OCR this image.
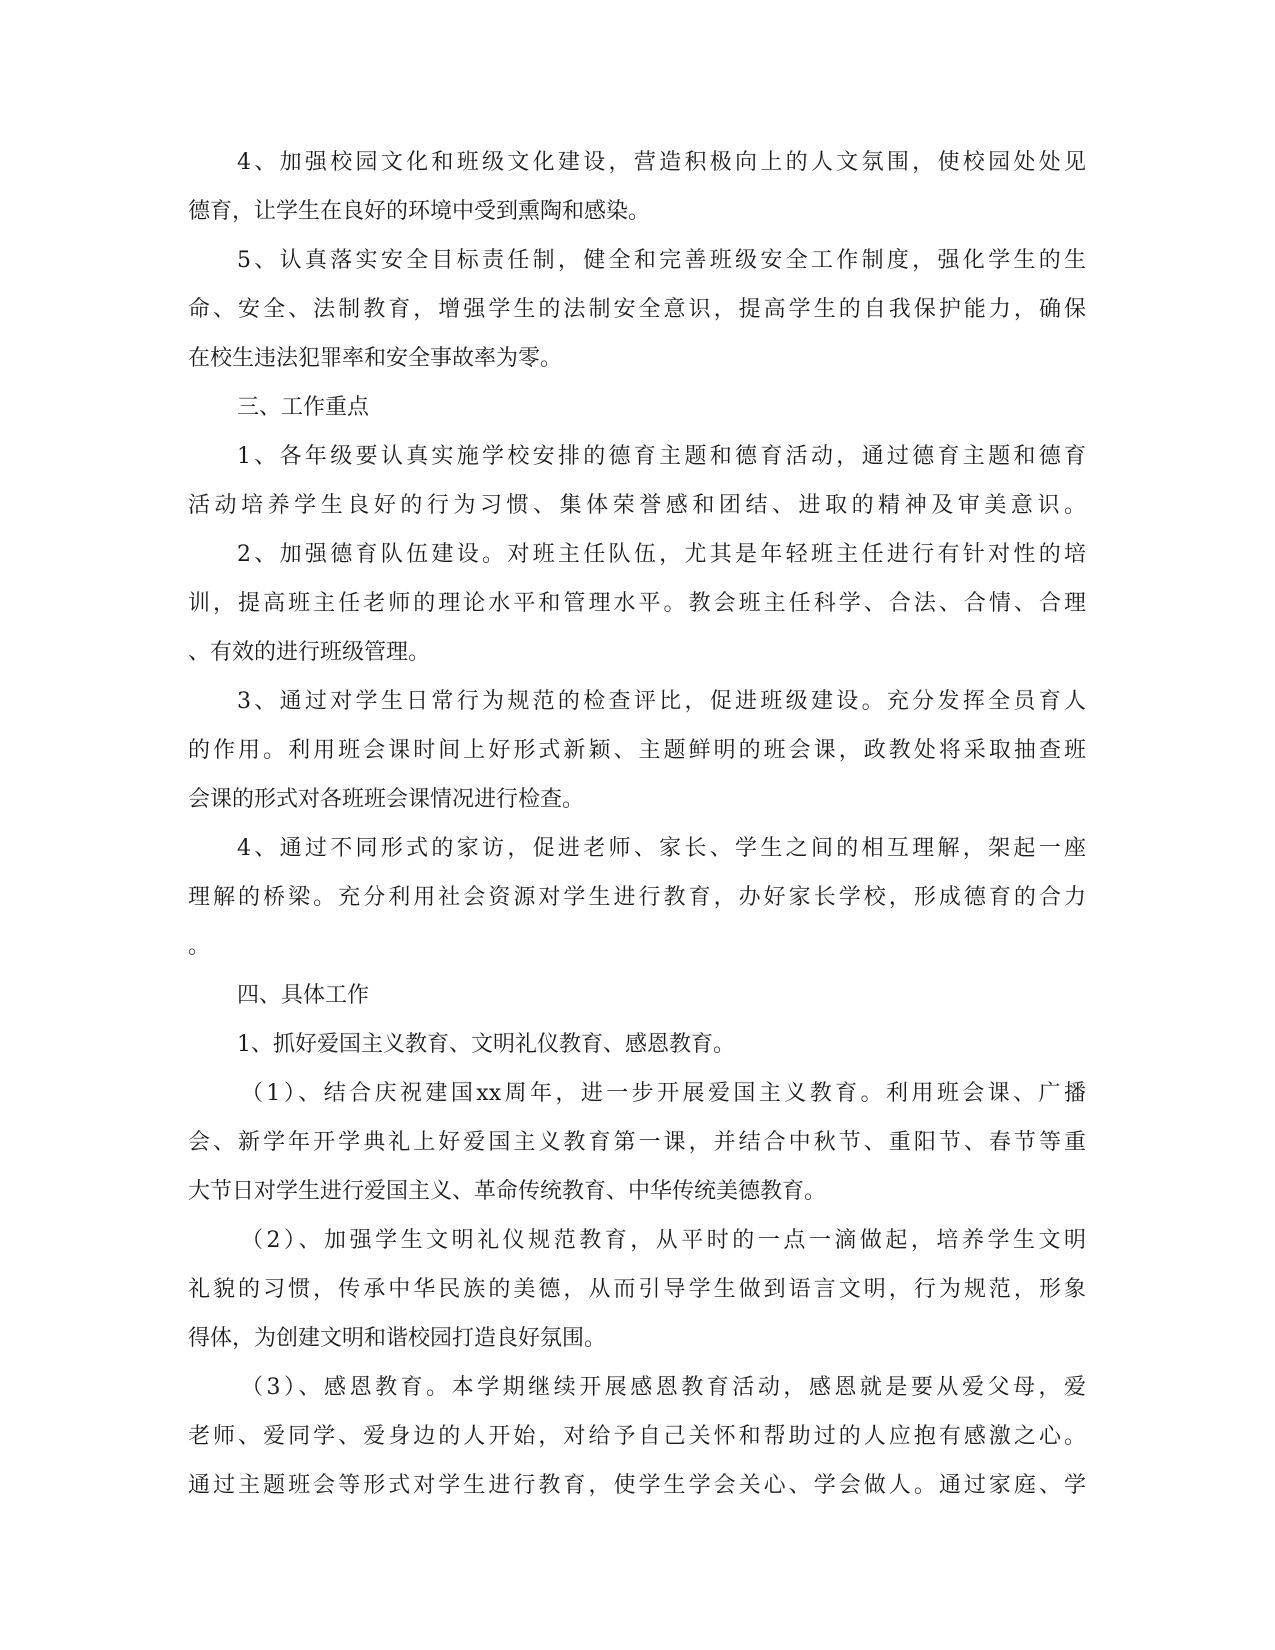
4、加强校园文化和班级文化建设，营造积极向上的人文氛围，使校园处处见
德育，让学生在良好的环境中受到熏陶和感染。
5、认真落实安全目标责任制，健全和完善班级安全工作制度，强化学生的生
命、安全、法制教育，增强学生的法制安全意识，提高学生的自我保护能力，确保
在校生违法犯罪率和安全事故率为零。
三、工作重点
1、各年级要认真实施学校安排的德育主题和德育活动，通过德育主题和德育
活动培养学生良好的行为习惯、集体荣誉感和团结、进取的精神及审美意识。
2、加强德育队伍建设。对班主任队伍，尤其是年轻班主任进行有针对性的培
训，提高班主任老师的理论水平和管理水平。教会班主任科学、合法、合情、合理
、有效的进行班级管理。
3、通过对学生日常行为规范的检查评比，促进班级建设。充分发挥全员育人
的作用。利用班会课时间上好形式新颖、主题鲜明的班会课，政教处将采取抽查班
会课的形式对各班班会课情况进行检查。
4、通过不同形式的家访，促进老师、家长、学生之间的相互理解，架起一座
理解的桥梁。充分利用社会资源对学生进行教育，办好家长学校，形成德育的合力
。
四、具体工作
1、抓好爱国主义教育、文明礼仪教育、感恩教育。
（1）、结合庆祝建国xx周年，进一步开展爱国主义教育。利用班会课、广播
会、新学年开学典礼上好爱国主义教育第一课，并结合中秋节、重阳节、春节等重
大节日对学生进行爱国主义、革命传统教育、中华传统美德教育。
（2）、加强学生文明礼仪规范教育，从平时的一点一滴做起，培养学生文明
礼貌的习惯，传承中华民族的美德，从而引导学生做到语言文明，行为规范，形象
得体，为创建文明和谐校园打造良好氛围。
（3）、感恩教育。本学期继续开展感恩教育活动，感恩就是要从爱父母，爱
老师、爱同学、爱身边的人开始，对给予自己关怀和帮助过的人应抱有感激之心。
通过主题班会等形式对学生进行教育，使学生学会关心、学会做人。通过家庭、学
